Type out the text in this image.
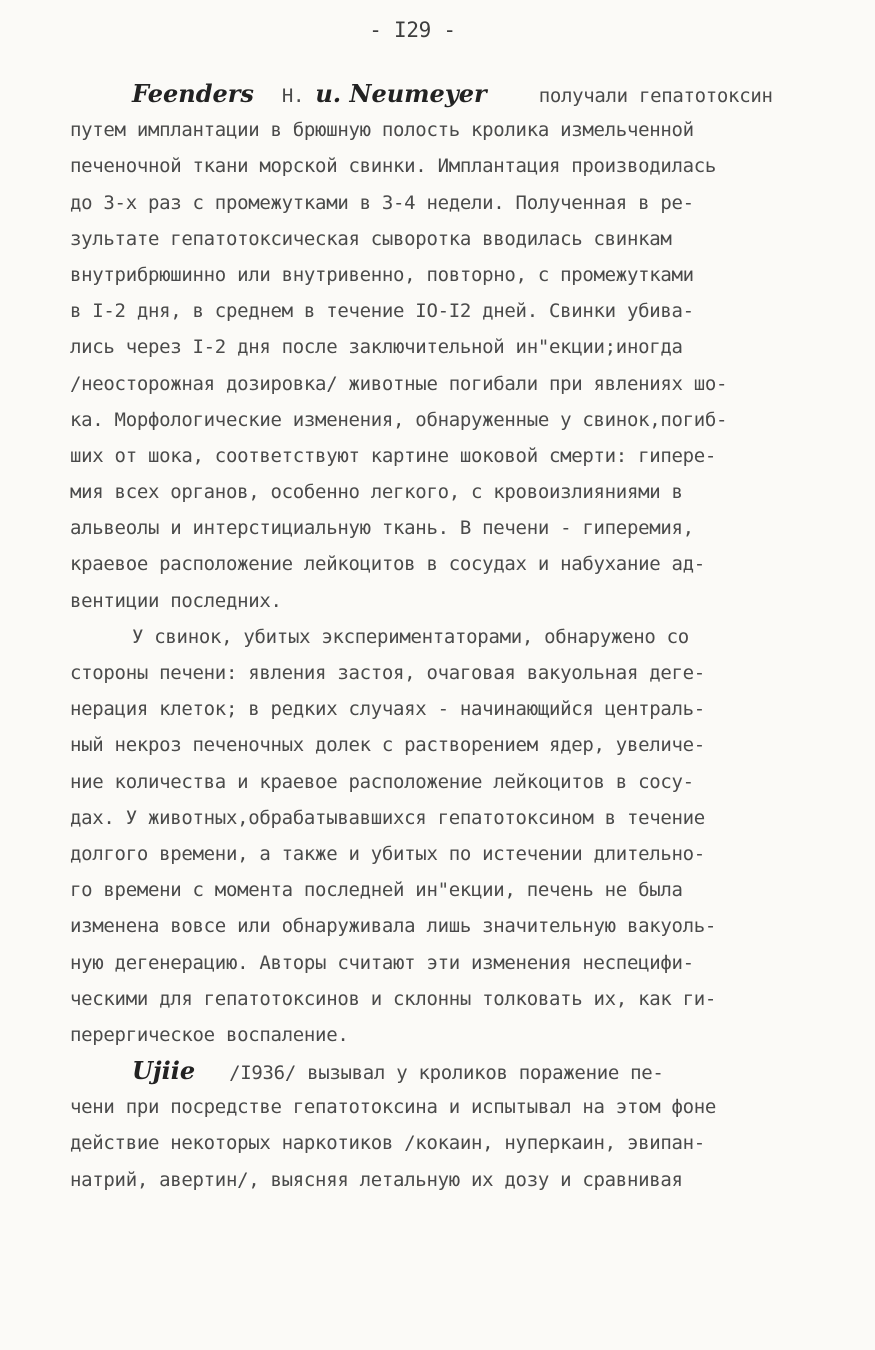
- I29 -
Feenders Н. и. Neumeyer	получали гепатотоксин
путем имплантации в брюшную полость кролика измельченной
печеночной ткани морской свинки. Имплантация производилась
до 3-х раз с промежутками в 3-4 недели. Полученная в ре-
зультате гепатотоксическая сыворотка вводилась свинкам
внутрибрюшинно или внутривенно, повторно, с промежутками
в I-2 дня, в среднем в течение IO-I2 дней. Свинки убива-
лись через I-2 дня после заключительной ин"екции;иногда
/неосторожная дозировка/ животные погибали при явлениях шо-
ка. Морфологические изменения, обнаруженные у свинок,погиб-
ших от шока, соответствуют картине шоковой смерти: гипере-
мия всех органов, особенно легкого, с кровоизлияниями в
альвеолы и интерстициальную ткань. В печени - гиперемия,
краевое расположение лейкоцитов в сосудах и набухание ад-
вентиции последних.
У свинок, убитых экспериментаторами, обнаружено со
стороны печени: явления застоя, очаговая вакуольная деге-
нерация клеток; в редких случаях - начинающийся централь-
ный некроз печеночных долек с растворением ядер, увеличе-
ние количества и краевое расположение лейкоцитов в сосу-
дах. У животных,обрабатывавшихся гепатотоксином в течение
долгого времени, а также и убитых по истечении длительно-
го времени с момента последней ин"екции, печень не была
изменена вовсе или обнаруживала лишь значительную вакуоль-
ную дегенерацию. Авторы считают эти изменения неспецифи-
ческими для гепатотоксинов и склонны толковать их, как ги-
перергическое воспаление.
Ujiie /I936/ вызывал у кроликов поражение пе-
чени при посредстве гепатотоксина и испытывал на этом фоне
действие некоторых наркотиков /кокаин, нуперкаин, эвипан-
натрий, авертин/, выясняя летальную их дозу и сравнивая
